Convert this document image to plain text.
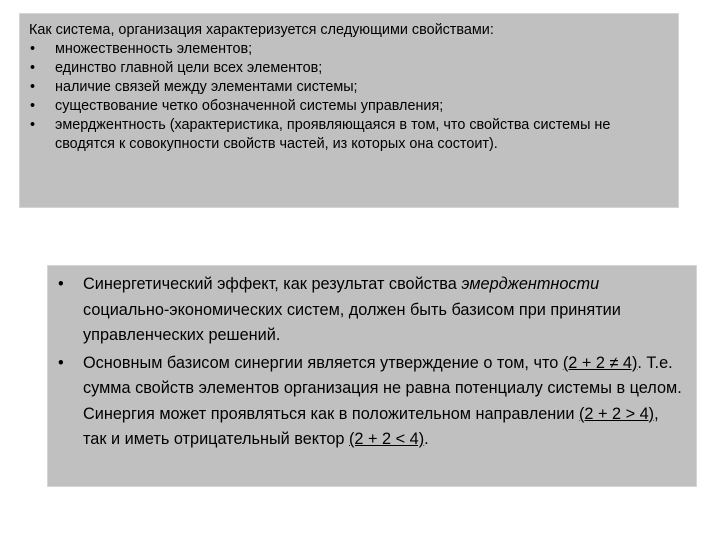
Как система, организация характеризуется следующими свойствами:

• множественность элементов;
• единство главной цели всех элементов;
• наличие связей между элементами системы;
• существование четко обозначенной системы управления;
• эмерджентность (характеристика, проявляющаяся в том, что свойства системы не сводятся к совокупности свойств частей, из которых она состоит).
• Синергетический эффект, как результат свойства эмерджентности социально-экономических систем, должен быть базисом при принятии управленческих решений.
• Основным базисом синергии является утверждение о том, что (2 + 2 ≠ 4). Т.е. сумма свойств элементов организация не равна потенциалу системы в целом. Синергия может проявляться как в положительном направлении (2 + 2 > 4), так и иметь отрицательный вектор (2 + 2 < 4).
